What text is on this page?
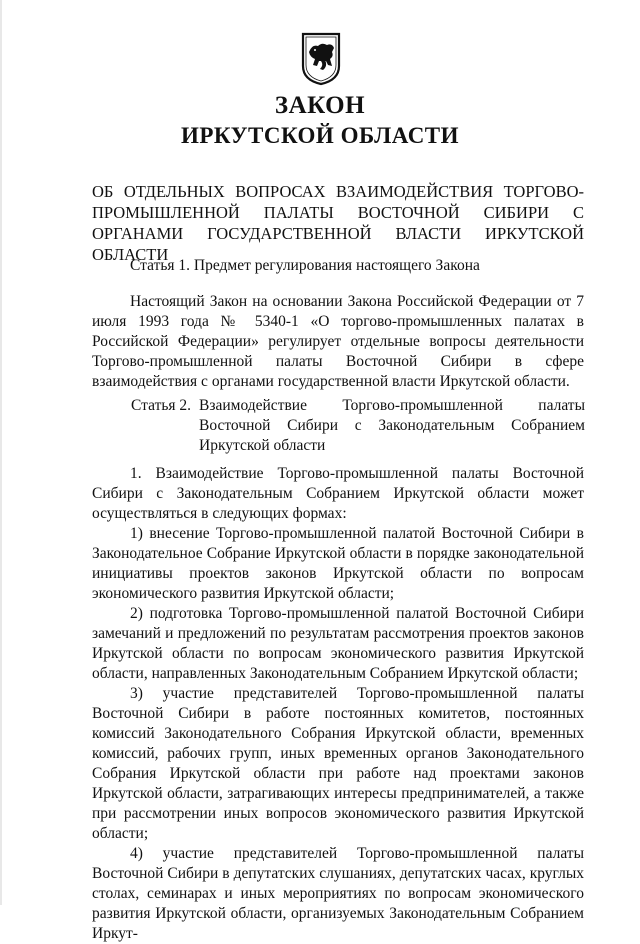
ЗАКОН
ИРКУТСКОЙ ОБЛАСТИ
ОБ ОТДЕЛЬНЫХ ВОПРОСАХ ВЗАИМОДЕЙСТВИЯ ТОРГОВО-ПРОМЫШЛЕННОЙ ПАЛАТЫ ВОСТОЧНОЙ СИБИРИ С ОРГАНАМИ ГОСУДАРСТВЕННОЙ ВЛАСТИ ИРКУТСКОЙ ОБЛАСТИ
Статья 1. Предмет регулирования настоящего Закона
Настоящий Закон на основании Закона Российской Федерации от 7 июля 1993 года № 5340-1 «О торгово-промышленных палатах в Российской Федерации» регулирует отдельные вопросы деятельности Торгово-промышленной палаты Восточной Сибири в сфере взаимодействия с органами государственной власти Иркутской области.
Статья 2. Взаимодействие Торгово-промышленной палаты Восточной Сибири с Законодательным Собранием Иркутской области

1. Взаимодействие Торгово-промышленной палаты Восточной Сибири с Законодательным Собранием Иркутской области может осуществляться в следующих формах:

1) внесение Торгово-промышленной палатой Восточной Сибири в Законодательное Собрание Иркутской области в порядке законодательной инициативы проектов законов Иркутской области по вопросам экономического развития Иркутской области;

2) подготовка Торгово-промышленной палатой Восточной Сибири замечаний и предложений по результатам рассмотрения проектов законов Иркутской области по вопросам экономического развития Иркутской области, направленных Законодательным Собранием Иркутской области;

3) участие представителей Торгово-промышленной палаты Восточной Сибири в работе постоянных комитетов, постоянных комиссий Законодательного Собрания Иркутской области, временных комиссий, рабочих групп, иных временных органов Законодательного Собрания Иркутской области при работе над проектами законов Иркутской области, затрагивающих интересы предпринимателей, а также при рассмотрении иных вопросов экономического развития Иркутской области;

4) участие представителей Торгово-промышленной палаты Восточной Сибири в депутатских слушаниях, депутатских часах, круглых столах, семинарах и иных мероприятиях по вопросам экономического развития Иркутской области, организуемых Законодательным Собранием Иркут-
